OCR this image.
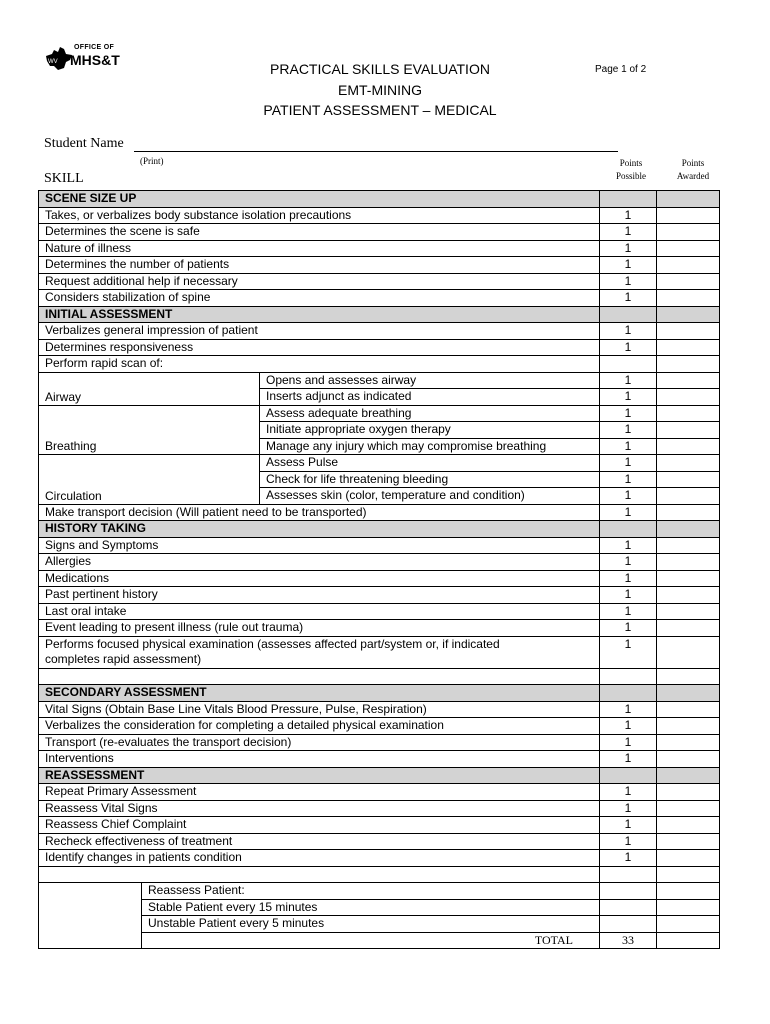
WV
OFFICE OF
MHS&T
PRACTICAL SKILLS EVALUATION
EMT-MINING
PATIENT ASSESSMENT – MEDICAL
Page 1 of 2
Student Name
(Print)
SKILL
Points Possible
Points Awarded
SCENE SIZE UP				
Takes, or verbalizes body substance isolation precautions			1	
Determines the scene is safe			1	
Nature of illness			1	
Determines the number of patients			1	
Request additional help if necessary			1	
Considers stabilization of spine			1	
INITIAL ASSESSMENT				
Verbalizes general impression of patient			1	
Determines responsiveness			1	
Perform rapid scan of:				
Airway		Opens and assesses airway	1	
		Inserts adjunct as indicated	1	
Breathing		Assess adequate breathing	1	
		Initiate appropriate oxygen therapy	1	
		Manage any injury which may compromise breathing	1	
Circulation		Assess Pulse	1	
		Check for life threatening bleeding	1	
		Assesses skin (color, temperature and condition)	1	
Make transport decision (Will patient need to be transported)			1	
HISTORY TAKING				
Signs and Symptoms			1	
Allergies			1	
Medications			1	
Past pertinent history			1	
Last oral intake			1	
Event leading to present illness (rule out trauma)			1	
Performs focused physical examination (assesses affected part/system or, if indicated
completes rapid assessment)			1	

SECONDARY ASSESSMENT				
Vital Signs (Obtain Base Line Vitals Blood Pressure, Pulse, Respiration)			1	
Verbalizes the consideration for completing a detailed physical examination			1	
Transport (re-evaluates the transport decision)			1	
Interventions			1	
REASSESSMENT				
Repeat Primary Assessment			1	
Reassess Vital Signs			1	
Reassess Chief Complaint			1	
Recheck effectiveness of treatment			1	
Identify changes in patients condition			1	

	Reassess Patient:			
	Stable Patient every 15 minutes			
	Unstable Patient every 5 minutes			
	TOTAL		33	
